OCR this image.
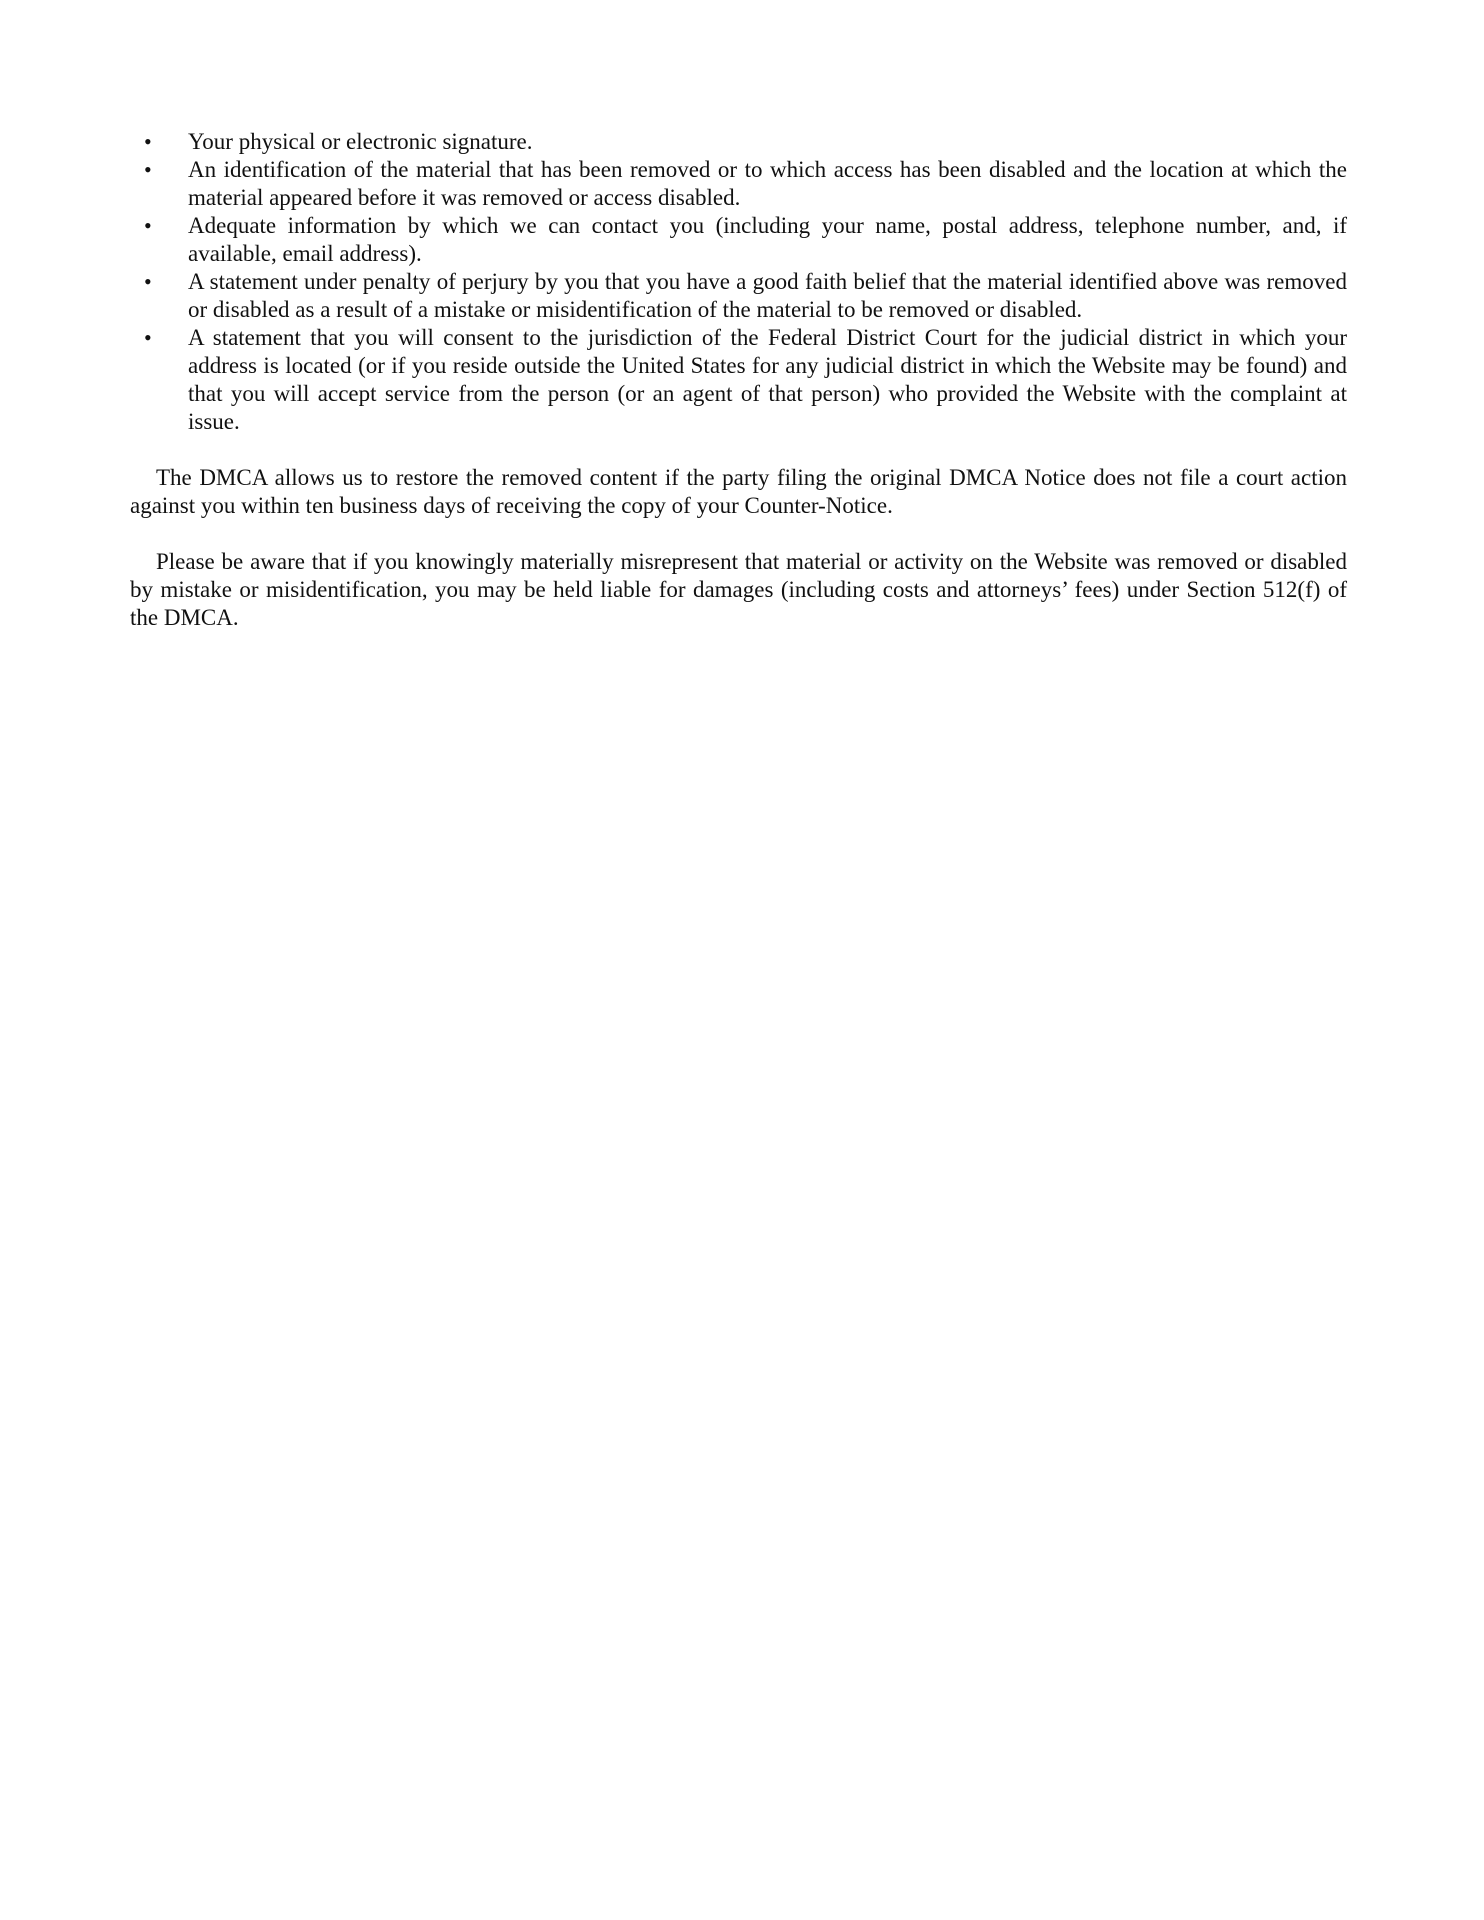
• Your physical or electronic signature.
• An identification of the material that has been removed or to which access has been disabled and the location at which the material appeared before it was removed or access disabled.
• Adequate information by which we can contact you (including your name, postal address, telephone number, and, if available, email address).
• A statement under penalty of perjury by you that you have a good faith belief that the material identified above was removed or disabled as a result of a mistake or misidentification of the material to be removed or disabled.
• A statement that you will consent to the jurisdiction of the Federal District Court for the judicial district in which your address is located (or if you reside outside the United States for any judicial district in which the Website may be found) and that you will accept service from the person (or an agent of that person) who provided the Website with the complaint at issue.

The DMCA allows us to restore the removed content if the party filing the original DMCA Notice does not file a court action against you within ten business days of receiving the copy of your Counter-Notice.

Please be aware that if you knowingly materially misrepresent that material or activity on the Website was removed or disabled by mistake or misidentification, you may be held liable for damages (including costs and attorneys’ fees) under Section 512(f) of the DMCA.
